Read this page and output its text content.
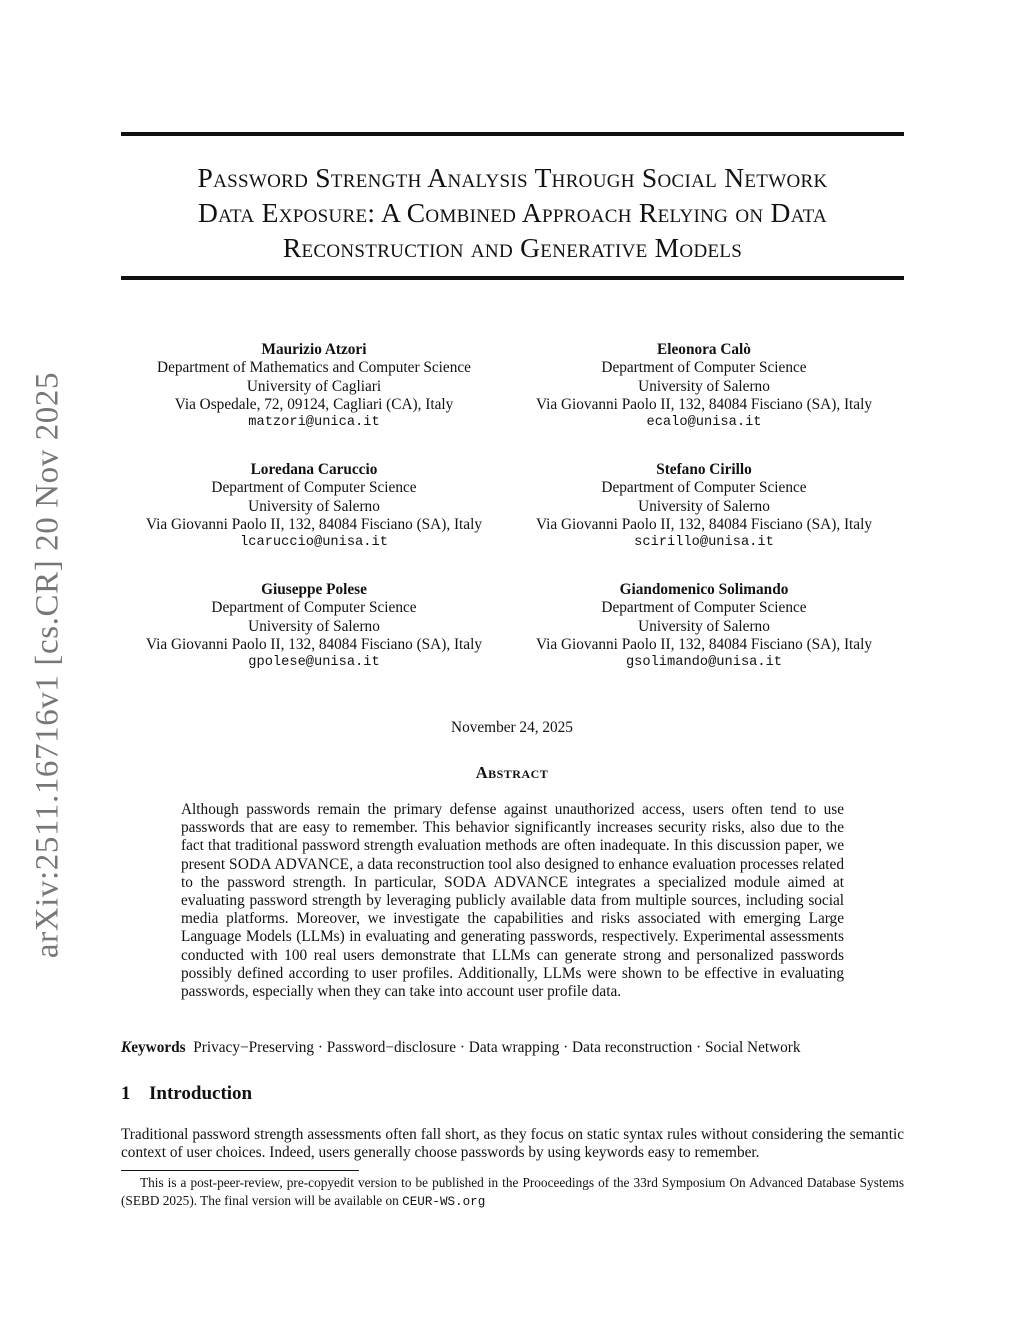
arXiv:2511.16716v1 [cs.CR] 20 Nov 2025
Password Strength Analysis Through Social Network
Data Exposure: A Combined Approach Relying on Data
Reconstruction and Generative Models
Maurizio Atzori
Department of Mathematics and Computer Science
University of Cagliari
Via Ospedale, 72, 09124, Cagliari (CA), Italy
matzori@unica.it
Eleonora Calò
Department of Computer Science
University of Salerno
Via Giovanni Paolo II, 132, 84084 Fisciano (SA), Italy
ecalo@unisa.it
Loredana Caruccio
Department of Computer Science
University of Salerno
Via Giovanni Paolo II, 132, 84084 Fisciano (SA), Italy
lcaruccio@unisa.it
Stefano Cirillo
Department of Computer Science
University of Salerno
Via Giovanni Paolo II, 132, 84084 Fisciano (SA), Italy
scirillo@unisa.it
Giuseppe Polese
Department of Computer Science
University of Salerno
Via Giovanni Paolo II, 132, 84084 Fisciano (SA), Italy
gpolese@unisa.it
Giandomenico Solimando
Department of Computer Science
University of Salerno
Via Giovanni Paolo II, 132, 84084 Fisciano (SA), Italy
gsolimando@unisa.it
November 24, 2025
Abstract
Although passwords remain the primary defense against unauthorized access, users often tend to use passwords that are easy to remember. This behavior significantly increases security risks, also due to the fact that traditional password strength evaluation methods are often inadequate. In this discussion paper, we present SODA ADVANCE, a data reconstruction tool also designed to enhance evaluation processes related to the password strength. In particular, SODA ADVANCE integrates a specialized module aimed at evaluating password strength by leveraging publicly available data from multiple sources, including social media platforms. Moreover, we investigate the capabilities and risks associated with emerging Large Language Models (LLMs) in evaluating and generating passwords, respectively. Experimental assessments conducted with 100 real users demonstrate that LLMs can generate strong and personalized passwords possibly defined according to user profiles. Additionally, LLMs were shown to be effective in evaluating passwords, especially when they can take into account user profile data.
Keywords Privacy−Preserving · Password−disclosure · Data wrapping · Data reconstruction · Social Network
1 Introduction
Traditional password strength assessments often fall short, as they focus on static syntax rules without considering the semantic context of user choices. Indeed, users generally choose passwords by using keywords easy to remember.
This is a post-peer-review, pre-copyedit version to be published in the Prooceedings of the 33rd Symposium On Advanced Database Systems (SEBD 2025). The final version will be available on CEUR-WS.org
